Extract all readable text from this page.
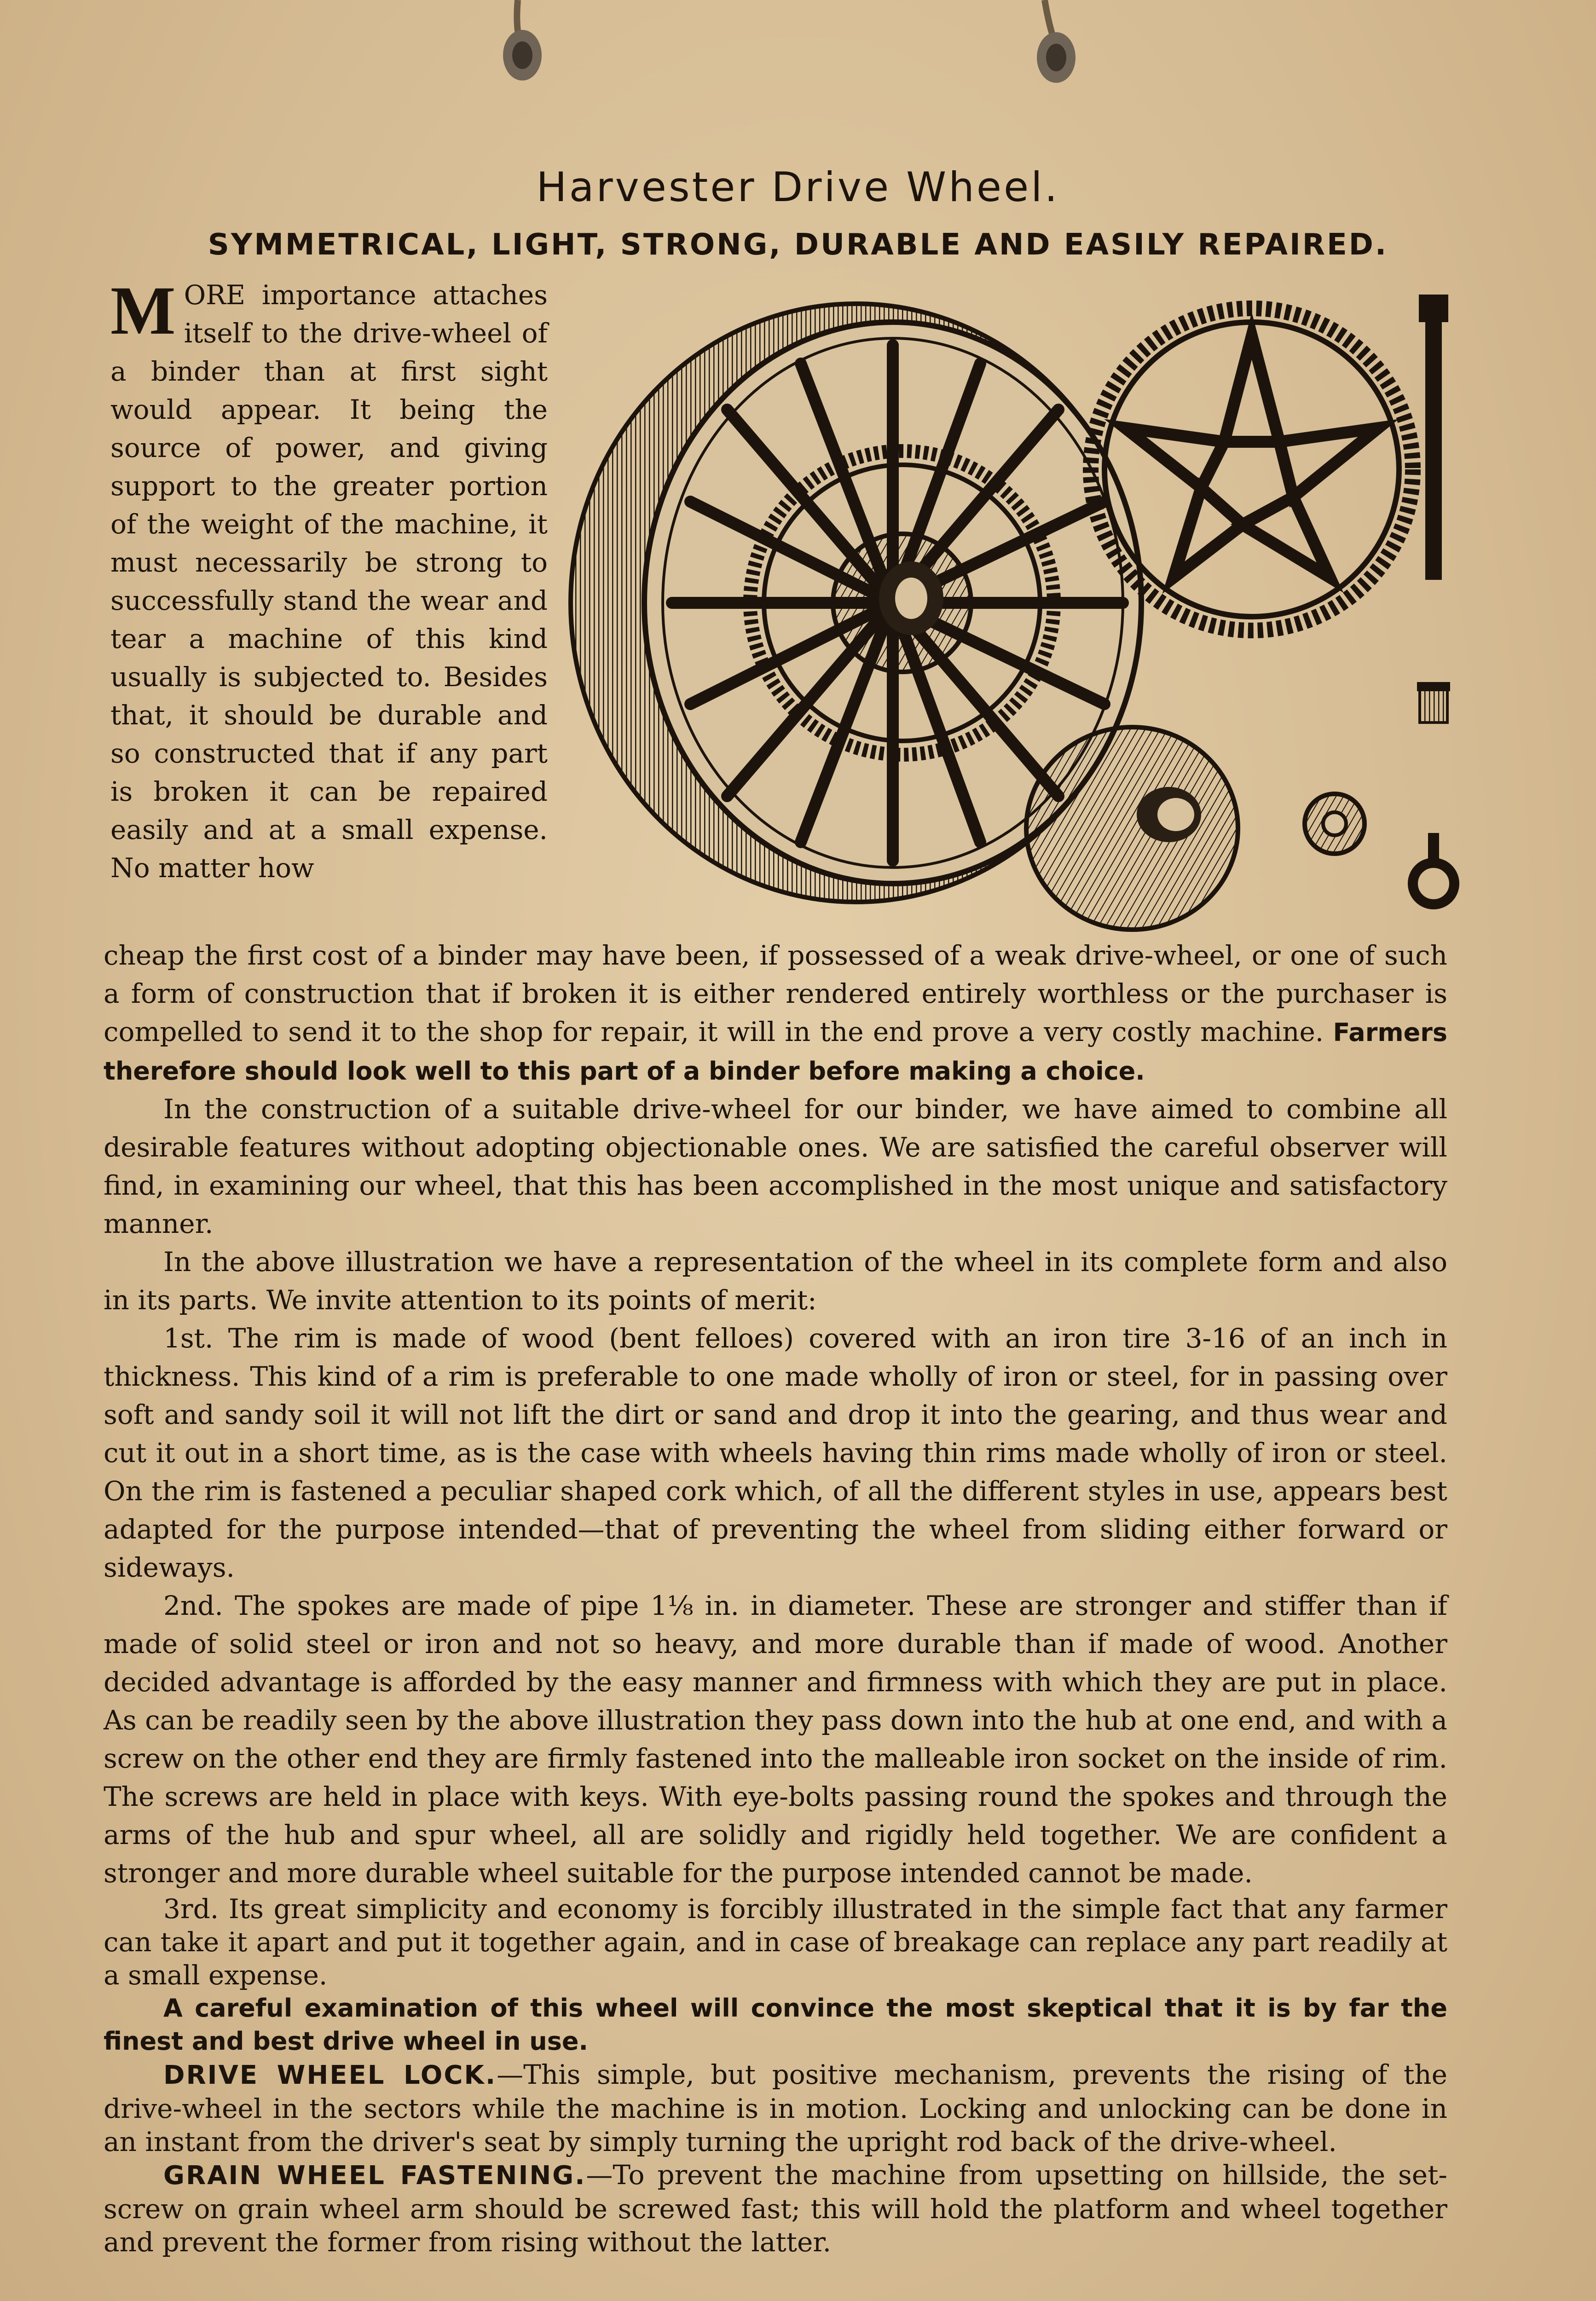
Harvester Drive Wheel.
SYMMETRICAL, LIGHT, STRONG, DURABLE AND EASILY REPAIRED.
M ORE importance attaches itself to the drive-wheel of a binder than at first sight would appear. It being the source of power, and giving support to the greater portion of the weight of the machine, it must necessarily be strong to successfully stand the wear and tear a machine of this kind usually is subjected to. Besides that, it should be durable and so constructed that if any part is broken it can be repaired easily and at a small expense. No matter how

cheap the first cost of a binder may have been, if possessed of a weak drive-wheel, or one of such a form of construction that if broken it is either rendered entirely worthless or the purchaser is compelled to send it to the shop for repair, it will in the end prove a very costly machine. Farmers therefore should look well to this part of a binder before making a choice.

In the construction of a suitable drive-wheel for our binder, we have aimed to combine all desirable features without adopting objectionable ones. We are satisfied the careful observer will find, in examining our wheel, that this has been accomplished in the most unique and satisfactory manner.

In the above illustration we have a representation of the wheel in its complete form and also in its parts. We invite attention to its points of merit:

1st. The rim is made of wood (bent felloes) covered with an iron tire 3-16 of an inch in thickness. This kind of a rim is preferable to one made wholly of iron or steel, for in passing over soft and sandy soil it will not lift the dirt or sand and drop it into the gearing, and thus wear and cut it out in a short time, as is the case with wheels having thin rims made wholly of iron or steel. On the rim is fastened a peculiar shaped cork which, of all the different styles in use, appears best adapted for the purpose intended—that of preventing the wheel from sliding either forward or sideways.

2nd. The spokes are made of pipe 1⅛ in. in diameter. These are stronger and stiffer than if made of solid steel or iron and not so heavy, and more durable than if made of wood. Another decided advantage is afforded by the easy manner and firmness with which they are put in place. As can be readily seen by the above illustration they pass down into the hub at one end, and with a screw on the other end they are firmly fastened into the malleable iron socket on the inside of rim. The screws are held in place with keys. With eye-bolts passing round the spokes and through the arms of the hub and spur wheel, all are solidly and rigidly held together. We are confident a stronger and more durable wheel suitable for the purpose intended cannot be made.

3rd. Its great simplicity and economy is forcibly illustrated in the simple fact that any farmer can take it apart and put it together again, and in case of breakage can replace any part readily at a small expense.

A careful examination of this wheel will convince the most skeptical that it is by far the finest and best drive wheel in use.

DRIVE WHEEL LOCK.—This simple, but positive mechanism, prevents the rising of the drive-wheel in the sectors while the machine is in motion. Locking and unlocking can be done in an instant from the driver's seat by simply turning the upright rod back of the drive-wheel.

GRAIN WHEEL FASTENING.—To prevent the machine from upsetting on hillside, the set-screw on grain wheel arm should be screwed fast; this will hold the platform and wheel together and prevent the former from rising without the latter.
